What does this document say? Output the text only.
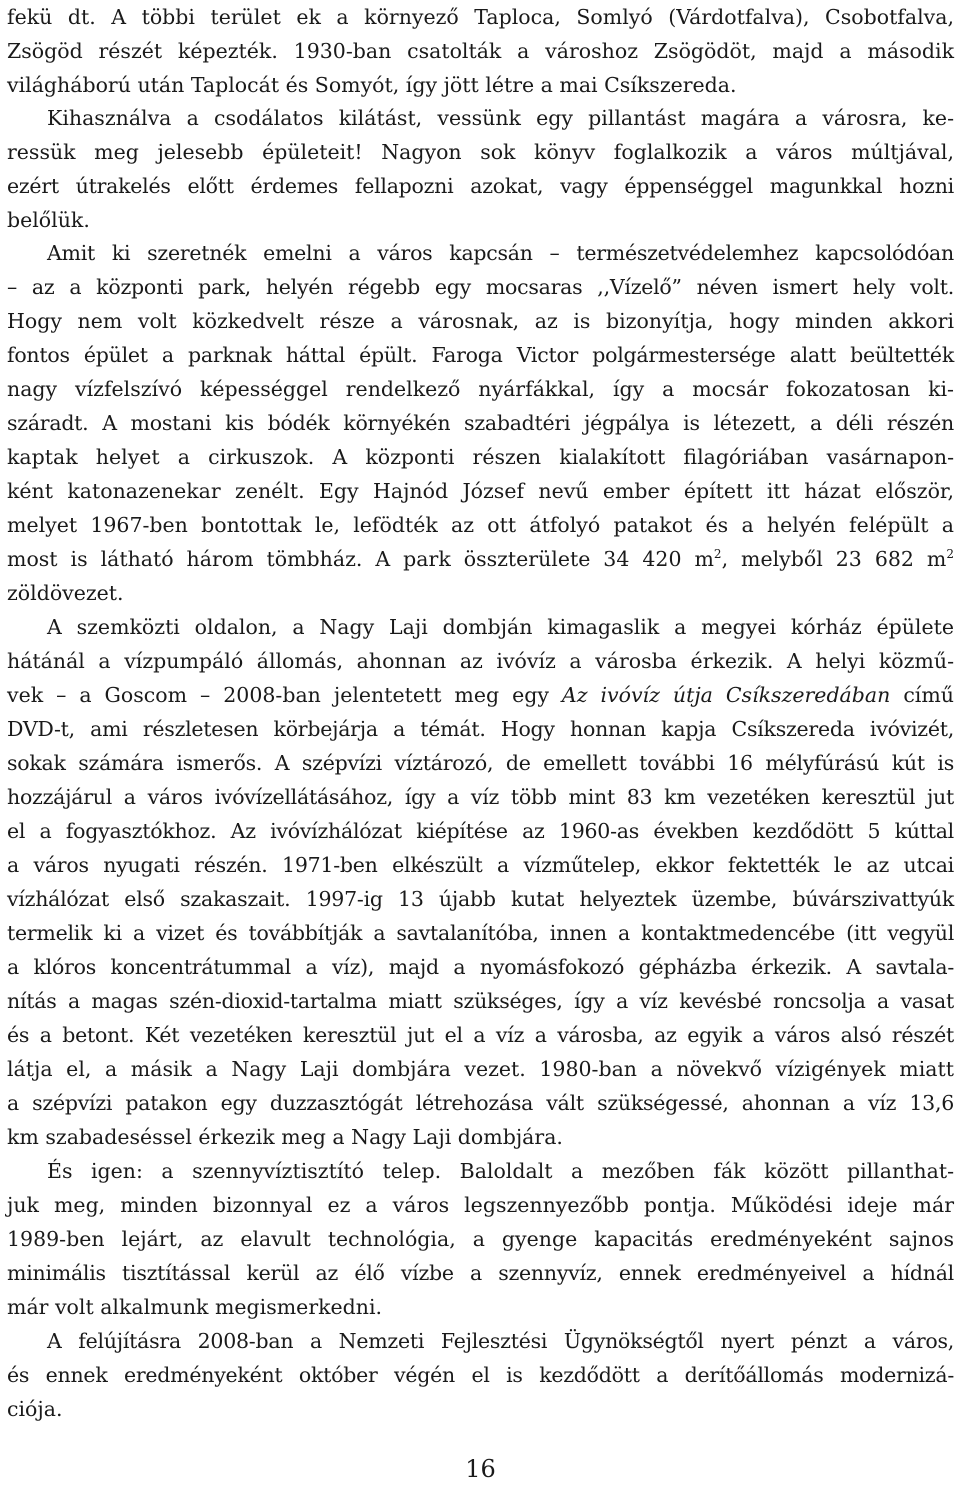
fekü dt. A többi terület ek a környező Taploca, Somlyó (Várdotfalva), Csobotfalva,
Zsögöd részét képezték. 1930-ban csatolták a városhoz Zsögödöt, majd a második
világháború után Taplocát és Somyót, így jött létre a mai Csíkszereda.
Kihasználva a csodálatos kilátást, vessünk egy pillantást magára a városra, ke-
ressük meg jelesebb épületeit! Nagyon sok könyv foglalkozik a város múltjával,
ezért útrakelés előtt érdemes fellapozni azokat, vagy éppenséggel magunkkal hozni
belőlük.
Amit ki szeretnék emelni a város kapcsán – természetvédelemhez kapcsolódóan
– az a központi park, helyén régebb egy mocsaras ,,Vízelő” néven ismert hely volt.
Hogy nem volt közkedvelt része a városnak, az is bizonyítja, hogy minden akkori
fontos épület a parknak háttal épült. Faroga Victor polgármestersége alatt beültették
nagy vízfelszívó képességgel rendelkező nyárfákkal, így a mocsár fokozatosan ki-
száradt. A mostani kis bódék környékén szabadtéri jégpálya is létezett, a déli részén
kaptak helyet a cirkuszok. A központi részen kialakított filagóriában vasárnapon-
ként katonazenekar zenélt. Egy Hajnód József nevű ember épített itt házat először,
melyet 1967-ben bontottak le, lefödték az ott átfolyó patakot és a helyén felépült a
most is látható három tömbház. A park összterülete 34 420 $m^2$, melyből 23 682 $m^2$
zöldövezet.
A szemközti oldalon, a Nagy Laji dombján kimagaslik a megyei kórház épülete
hátánál a vízpumpáló állomás, ahonnan az ivóvíz a városba érkezik. A helyi közmű-
vek – a Goscom – 2008-ban jelentetett meg egy Az ivóvíz útja Csíkszeredában című
DVD-t, ami részletesen körbejárja a témát. Hogy honnan kapja Csíkszereda ivóvizét,
sokak számára ismerős. A szépvízi víztározó, de emellett további 16 mélyfúrású kút is
hozzájárul a város ivóvízellátásához, így a víz több mint 83 km vezetéken keresztül jut
el a fogyasztókhoz. Az ivóvízhálózat kiépítése az 1960-as években kezdődött 5 kúttal
a város nyugati részén. 1971-ben elkészült a vízműtelep, ekkor fektették le az utcai
vízhálózat első szakaszait. 1997-ig 13 újabb kutat helyeztek üzembe, búvárszivattyúk
termelik ki a vizet és továbbítják a savtalanítóba, innen a kontaktmedencébe (itt vegyül
a klóros koncentrátummal a víz), majd a nyomásfokozó gépházba érkezik. A savtala-
nítás a magas szén-dioxid-tartalma miatt szükséges, így a víz kevésbé roncsolja a vasat
és a betont. Két vezetéken keresztül jut el a víz a városba, az egyik a város alsó részét
látja el, a másik a Nagy Laji dombjára vezet. 1980-ban a növekvő vízigények miatt
a szépvízi patakon egy duzzasztógát létrehozása vált szükségessé, ahonnan a víz 13,6
km szabadeséssel érkezik meg a Nagy Laji dombjára.
És igen: a szennyvíztisztító telep. Baloldalt a mezőben fák között pillanthat-
juk meg, minden bizonnyal ez a város legszennyezőbb pontja. Működési ideje már
1989-ben lejárt, az elavult technológia, a gyenge kapacitás eredményeként sajnos
minimális tisztítással kerül az élő vízbe a szennyvíz, ennek eredményeivel a hídnál
már volt alkalmunk megismerkedni.
A felújításra 2008-ban a Nemzeti Fejlesztési Ügynökségtől nyert pénzt a város,
és ennek eredményeként október végén el is kezdődött a derítőállomás modernizá-
ciója.
16
